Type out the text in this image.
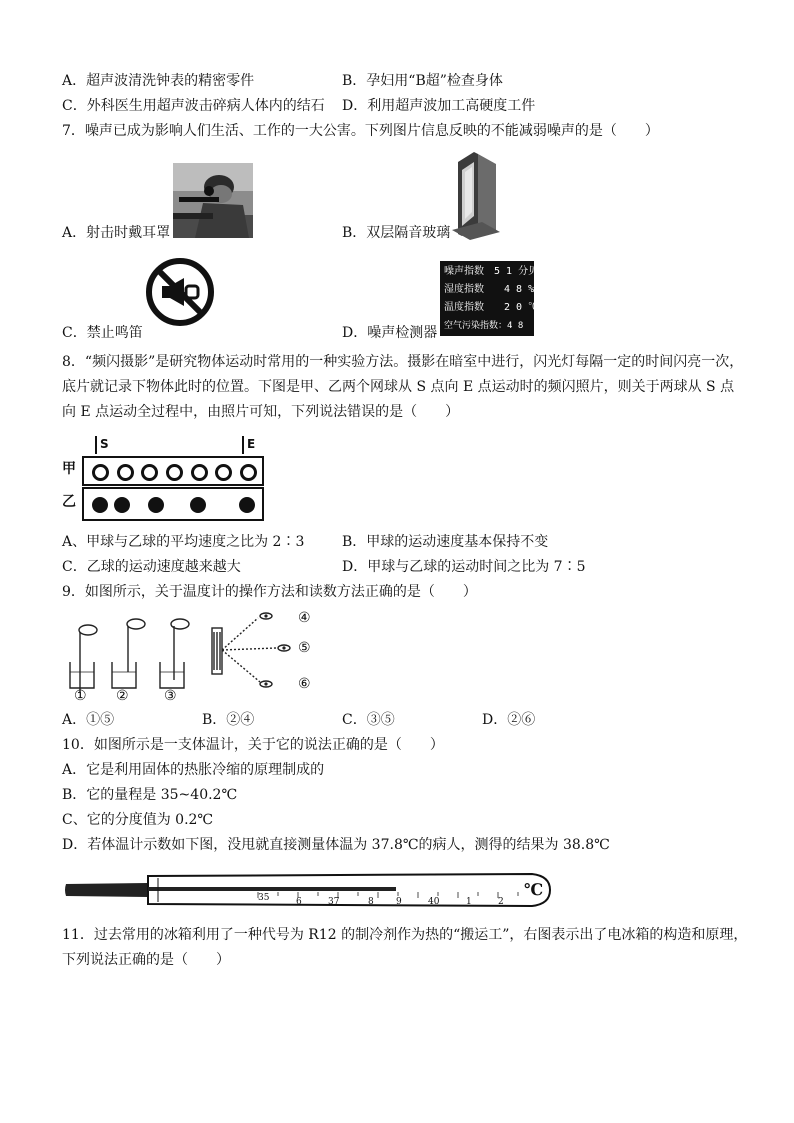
A．超声波清洗钟表的精密零件	B．孕妇用“B超”检查身体
C．外科医生用超声波击碎病人体内的结石 D．利用超声波加工高硬度工件
7．噪声已成为影响人们生活、工作的一大公害。下列图片信息反映的不能减弱噪声的是（　　）
A．射击时戴耳罩	B．双层隔音玻璃
C．禁止鸣笛
噪声指数　5 1 分贝
湿度指数　　4 8 %
温度指数　　2 0 ℃
空气污染指数：4 8
D．噪声检测器
8．“频闪摄影”是研究物体运动时常用的一种实验方法。摄影在暗室中进行，闪光灯每隔一定的时间闪亮一次，
底片就记录下物体此时的位置。下图是甲、乙两个网球从 S 点向 E 点运动时的频闪照片，则关于两球从 S 点
向 E 点运动全过程中，由照片可知，下列说法错误的是（　　）
S	E
甲
乙
A、甲球与乙球的平均速度之比为 2∶3	B．甲球的运动速度基本保持不变
C．乙球的运动速度越来越大	D．甲球与乙球的运动时间之比为 7∶5
9．如图所示，关于温度计的操作方法和读数方法正确的是（　　）
① ②	③
④
⑤
⑥
A．①⑤	B．②④	C．③⑤	D．②⑥
10．如图所示是一支体温计，关于它的说法正确的是（　　）
A．它是利用固体的热胀冷缩的原理制成的
B．它的量程是 35~40.2℃
C、它的分度值为 0.2℃
D．若体温计示数如下图，没甩就直接测量体温为 37.8℃的病人，测得的结果为 38.8℃
35	6	37	8 9	40	1	2
℃
11．过去常用的冰箱利用了一种代号为 R12 的制冷剂作为热的“搬运工”，右图表示出了电冰箱的构造和原理，
下列说法正确的是（　　）
